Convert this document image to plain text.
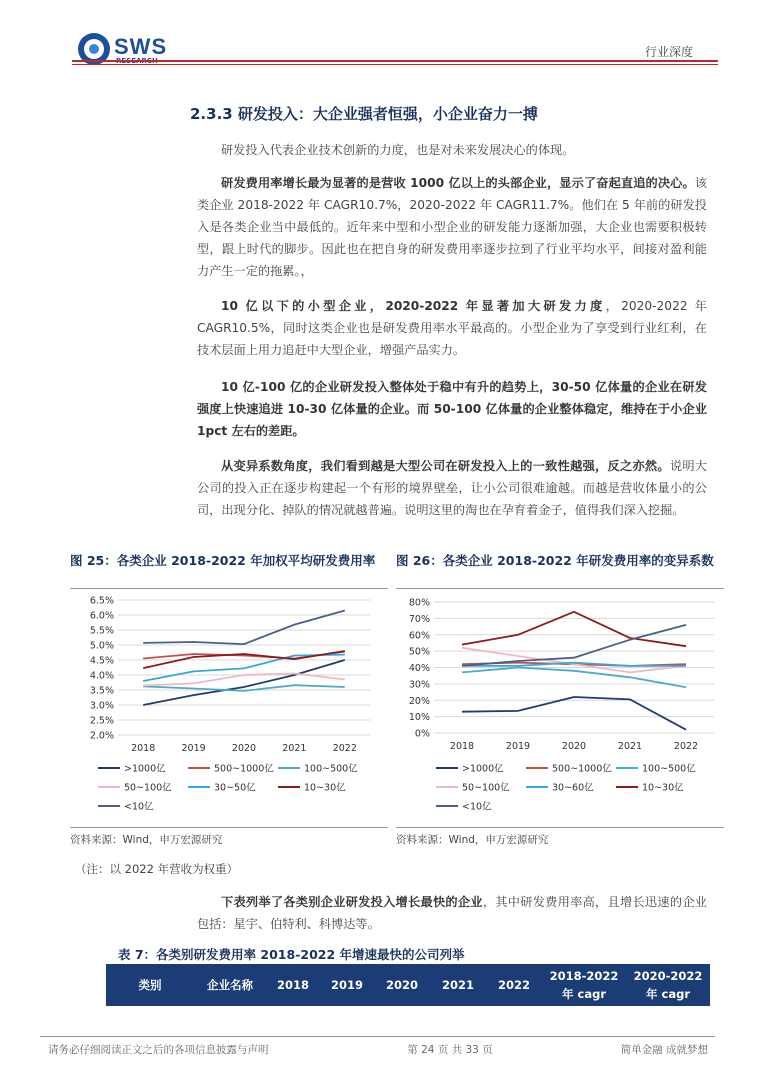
SWS	行业深度
2.3.3 研发投入：大企业强者恒强，小企业奋力一搏
研发投入代表企业技术创新的力度，也是对未来发展决心的体现。
研发费用率增长最为显著的是营收 1000 亿以上的头部企业，显示了奋起直追的决心。该类企业 2018-2022 年 CAGR10.7%，2020-2022 年 CAGR11.7%。他们在 5 年前的研发投入是各类企业当中最低的。近年来中型和小型企业的研发能力逐渐加强，大企业也需要积极转型，跟上时代的脚步。因此也在把自身的研发费用率逐步拉到了行业平均水平，间接对盈利能力产生一定的拖累。，
10 亿以下的小型企业，2020-2022 年显著加大研发力度，2020-2022 年 CAGR10.5%，同时这类企业也是研发费用率水平最高的。小型企业为了享受到行业红利，在技术层面上用力追赶中大型企业，增强产品实力。
10 亿-100 亿的企业研发投入整体处于稳中有升的趋势上，30-50 亿体量的企业在研发强度上快速追进 10-30 亿体量的企业。而 50-100 亿体量的企业整体稳定，维持在于小企业 1pct 左右的差距。
从变异系数角度，我们看到越是大型公司在研发投入上的一致性越强，反之亦然。说明大公司的投入正在逐步构建起一个有形的境界壁垒，让小公司很难逾越。而越是营收体量小的公司，出现分化、掉队的情况就越普遍。说明这里的淘也在孕育着金子，值得我们深入挖掘。
图 25：各类企业 2018-2022 年加权平均研发费用率	图 26：各类企业 2018-2022 年研发费用率的变异系数
2.0%
2.5%
3.0%
3.5%
4.0%
4.5%
5.0%
5.5%
6.0%
6.5%
2018	2019	2020	2021	2022
>1000亿	500~1000亿	100~500亿
50~100亿	30~50亿	10~30亿
<10亿
0%
10%
20%
30%
40%
50%
60%
70%
80%
2018	2019	2020	2021	2022
>1000亿	500~1000亿	100~500亿
50~100亿	30~60亿	10~30亿
<10亿
资料来源：Wind，申万宏源研究	资料来源：Wind，申万宏源研究
（注：以 2022 年营收为权重）
下表列举了各类别企业研发投入增长最快的企业，其中研发费用率高，且增长迅速的企业包括：星宇、伯特利、科博达等。
表 7：各类别研发费用率 2018-2022 年增速最快的公司列举
类别	企业名称	2018	2019	2020	2021	2022
2018-2022
年 cagr
2020-2022
年 cagr
请务必仔细阅读正文之后的各项信息披露与声明	第 24 页 共 33 页	简单金融 成就梦想
